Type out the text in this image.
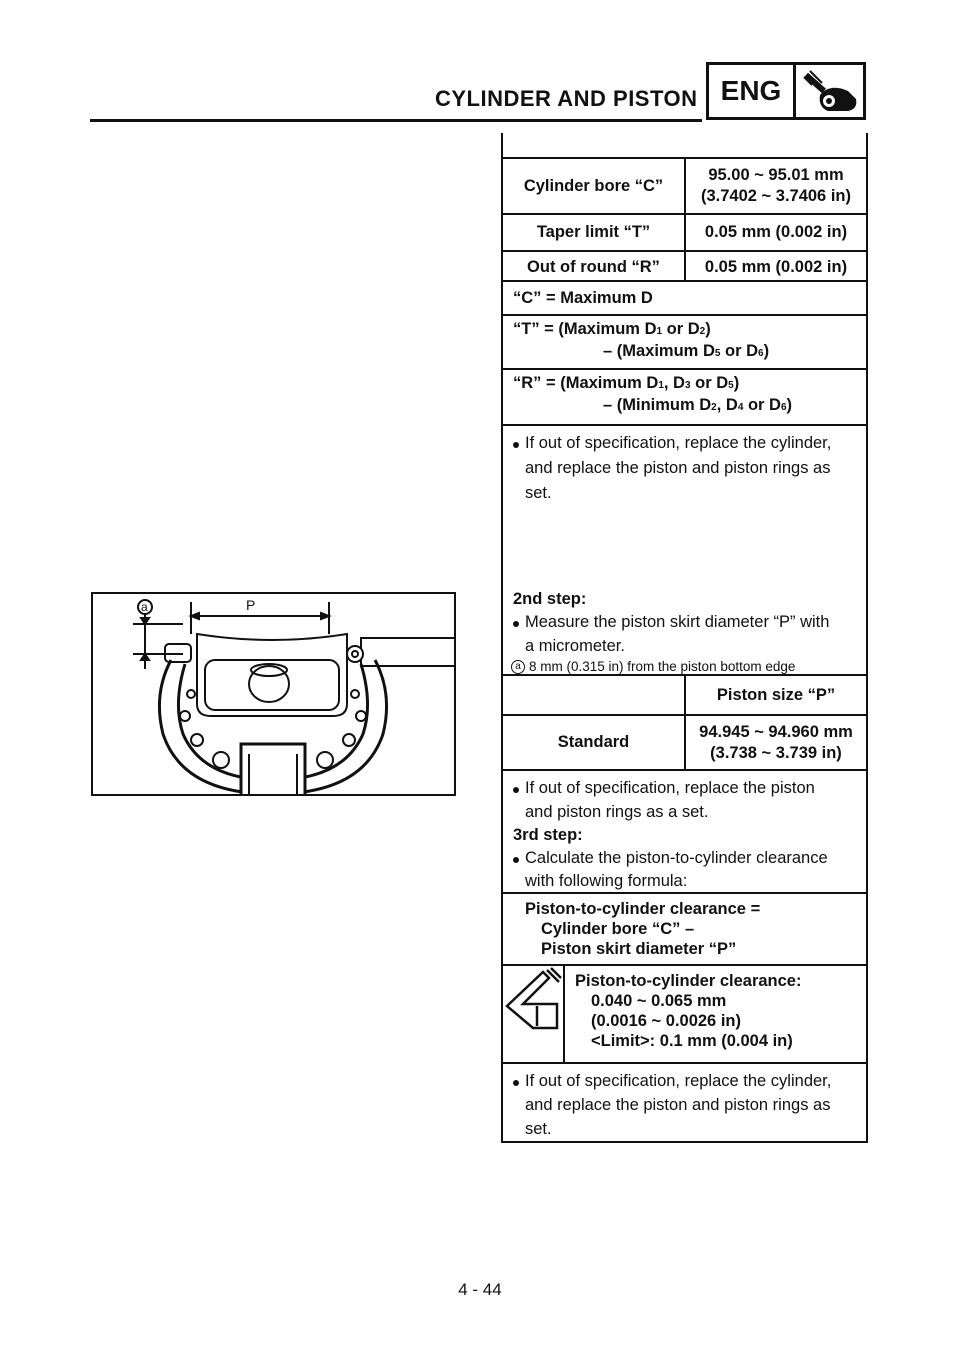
CYLINDER AND PISTON ENG
P
a
Cylinder bore “C”
95.00 ~ 95.01 mm
(3.7402 ~ 3.7406 in)
Taper limit “T”	0.05 mm (0.002 in)
Out of round “R”	0.05 mm (0.002 in)
“C” = Maximum D
“T” = (Maximum D1 or D2)
– (Maximum D5 or D6)
“R” = (Maximum D1, D3 or D5)
– (Minimum D2, D4 or D6)
If out of specification, replace the cylinder,
and replace the piston and piston rings as
set.
2nd step:
Measure the piston skirt diameter “P” with
a micrometer.
a 8 mm (0.315 in) from the piston bottom edge
Piston size “P”
Standard
94.945 ~ 94.960 mm
(3.738 ~ 3.739 in)
If out of specification, replace the piston
and piston rings as a set.
3rd step:
Calculate the piston-to-cylinder clearance
with following formula:
Piston-to-cylinder clearance =
Cylinder bore “C” –
Piston skirt diameter “P”
Piston-to-cylinder clearance:
0.040 ~ 0.065 mm
(0.0016 ~ 0.0026 in)
<Limit>: 0.1 mm (0.004 in)
If out of specification, replace the cylinder,
and replace the piston and piston rings as
set.
4 - 44
